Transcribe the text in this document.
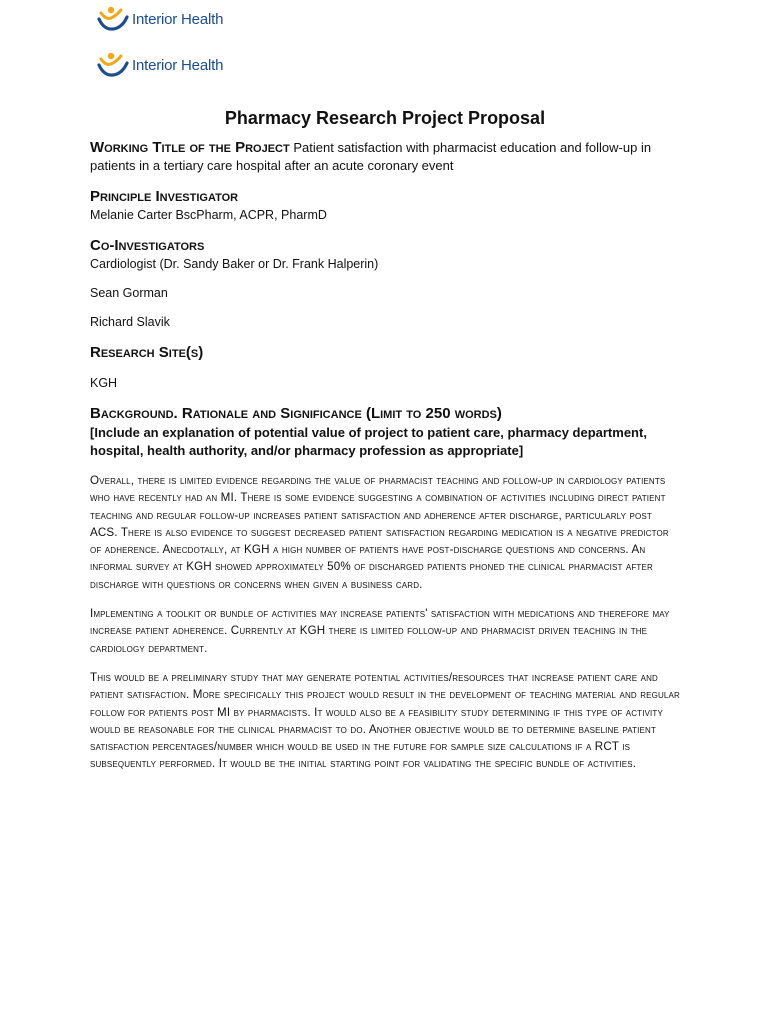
Interior Health
Interior Health
Pharmacy Research Project Proposal

Working Title of the Project Patient satisfaction with pharmacist education and follow-up in patients in a tertiary care hospital after an acute coronary event

Principle Investigator

Melanie Carter BscPharm, ACPR, PharmD

Co-Investigators

Cardiologist (Dr. Sandy Baker or Dr. Frank Halperin)

Sean Gorman

Richard Slavik

Research Site(s)

KGH

Background. Rationale and Significance (Limit to 250 words)

[Include an explanation of potential value of project to patient care, pharmacy department, hospital, health authority, and/or pharmacy profession as appropriate]

Overall, there is limited evidence regarding the value of pharmacist teaching and follow-up in cardiology patients who have recently had an MI. There is some evidence suggesting a combination of activities including direct patient teaching and regular follow-up increases patient satisfaction and adherence after discharge, particularly post ACS. There is also evidence to suggest decreased patient satisfaction regarding medication is a negative predictor of adherence. Anecdotally, at KGH a high number of patients have post-discharge questions and concerns. An informal survey at KGH showed approximately 50% of discharged patients phoned the clinical pharmacist after discharge with questions or concerns when given a business card.

Implementing a toolkit or bundle of activities may increase patients' satisfaction with medications and therefore may increase patient adherence. Currently at KGH there is limited follow-up and pharmacist driven teaching in the cardiology department.

This would be a preliminary study that may generate potential activities/resources that increase patient care and patient satisfaction. More specifically this project would result in the development of teaching material and regular follow for patients post MI by pharmacists. It would also be a feasibility study determining if this type of activity would be reasonable for the clinical pharmacist to do. Another objective would be to determine baseline patient satisfaction percentages/number which would be used in the future for sample size calculations if a RCT is subsequently performed. It would be the initial starting point for validating the specific bundle of activities.
